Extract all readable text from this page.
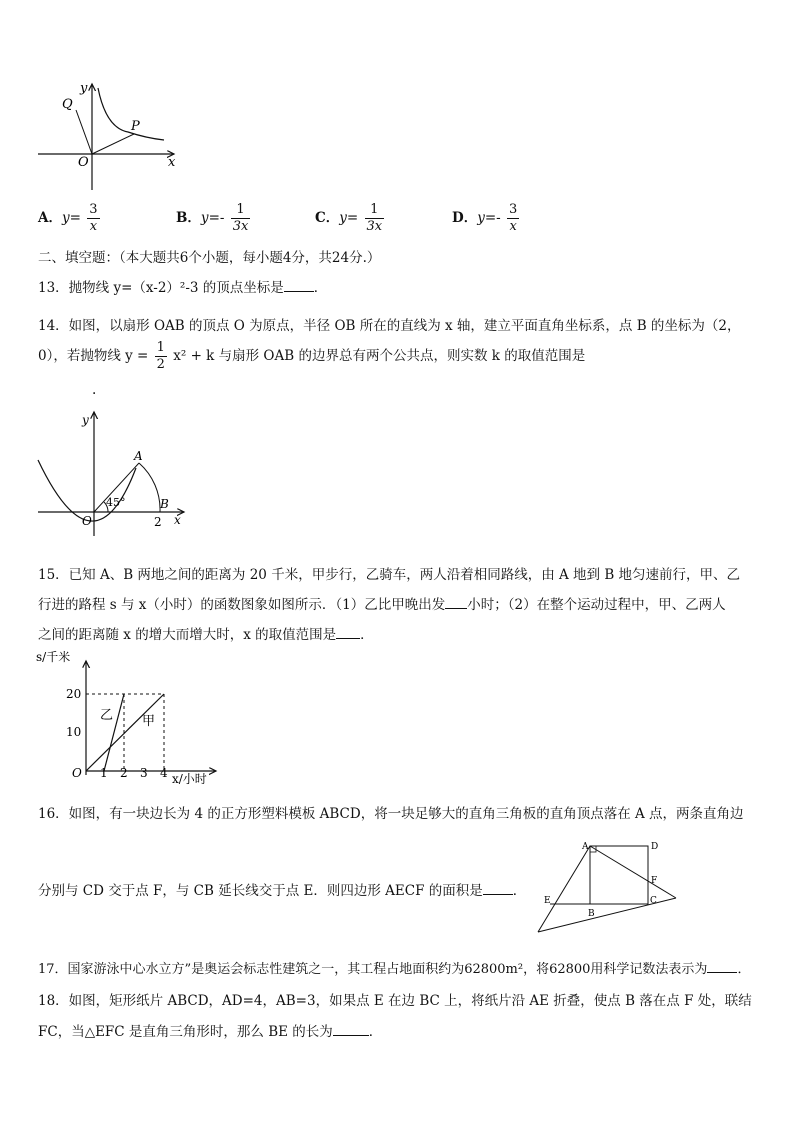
y
x
O
P
Q
A．$y= \frac{3}{x}$	B．$y=- \frac{1}{3x}$	C．$y= \frac{1}{3x}$	D．$y=- \frac{3}{x}$
二、填空题：（本大题共6个小题，每小题4分，共24分.）
13．抛物线 y=（x-2）²-3 的顶点坐标是 ．
14．如图，以扇形 OAB 的顶点 O 为原点，半径 OB 所在的直线为 x 轴，建立平面直角坐标系，点 B 的坐标为（2，
0），若抛物线 $y = \frac{1}{2} x^2 + k$ 与扇形 OAB 的边界总有两个公共点，则实数 k 的取值范围是
.
y
x
O
A
B
45°
2
15．已知 A、B 两地之间的距离为 20 千米，甲步行，乙骑车，两人沿着相同路线，由 A 地到 B 地匀速前行，甲、乙
行进的路程 s 与 x（小时）的函数图象如图所示．（1）乙比甲晚出发 小时；（2）在整个运动过程中，甲、乙两人
之间的距离随 x 的增大而增大时，x 的取值范围是 ．
s/千米
x/小时
O
20
10
1 2 3 4
乙 甲
16．如图，有一块边长为 4 的正方形塑料模板 ABCD，将一块足够大的直角三角板的直角顶点落在 A 点，两条直角边
分别与 CD 交于点 F，与 CB 延长线交于点 E．则四边形 AECF 的面积是 ．
A	D
F
C
B
E
17．国家游泳中心水立方”是奥运会标志性建筑之一，其工程占地面积约为62800m²，将62800用科学记数法表示为 ．
18．如图，矩形纸片 ABCD，AD=4，AB=3，如果点 E 在边 BC 上，将纸片沿 AE 折叠，使点 B 落在点 F 处，联结
FC，当△EFC 是直角三角形时，那么 BE 的长为	．
